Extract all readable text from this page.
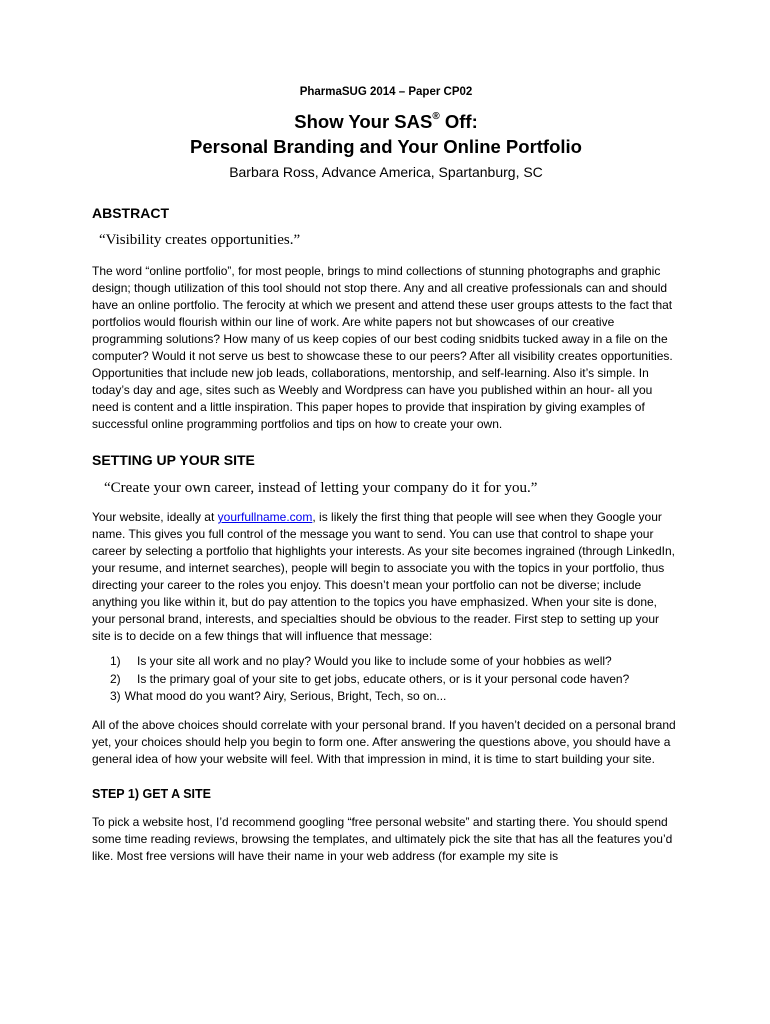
PharmaSUG 2014 – Paper CP02
Show Your SAS® Off:
Personal Branding and Your Online Portfolio
Barbara Ross, Advance America, Spartanburg, SC
ABSTRACT
“Visibility creates opportunities.”

The word “online portfolio”, for most people, brings to mind collections of stunning photographs and graphic design; though utilization of this tool should not stop there. Any and all creative professionals can and should have an online portfolio. The ferocity at which we present and attend these user groups attests to the fact that portfolios would flourish within our line of work. Are white papers not but showcases of our creative programming solutions? How many of us keep copies of our best coding snidbits tucked away in a file on the computer? Would it not serve us best to showcase these to our peers? After all visibility creates opportunities. Opportunities that include new job leads, collaborations, mentorship, and self-learning. Also it’s simple. In today’s day and age, sites such as Weebly and Wordpress can have you published within an hour- all you need is content and a little inspiration. This paper hopes to provide that inspiration by giving examples of successful online programming portfolios and tips on how to create your own.

SETTING UP YOUR SITE
“Create your own career, instead of letting your company do it for you.”

Your website, ideally at yourfullname.com, is likely the first thing that people will see when they Google your name. This gives you full control of the message you want to send. You can use that control to shape your career by selecting a portfolio that highlights your interests. As your site becomes ingrained (through LinkedIn, your resume, and internet searches), people will begin to associate you with the topics in your portfolio, thus directing your career to the roles you enjoy. This doesn’t mean your portfolio can not be diverse; include anything you like within it, but do pay attention to the topics you have emphasized. When your site is done, your personal brand, interests, and specialties should be obvious to the reader. First step to setting up your site is to decide on a few things that will influence that message:

1)	Is your site all work and no play? Would you like to include some of your hobbies as well?
2)	Is the primary goal of your site to get jobs, educate others, or is it your personal code haven?
3) What mood do you want? Airy, Serious, Bright, Tech, so on...

All of the above choices should correlate with your personal brand. If you haven’t decided on a personal brand yet, your choices should help you begin to form one. After answering the questions above, you should have a general idea of how your website will feel. With that impression in mind, it is time to start building your site.

STEP 1) GET A SITE

To pick a website host, I’d recommend googling “free personal website” and starting there. You should spend some time reading reviews, browsing the templates, and ultimately pick the site that has all the features you’d like. Most free versions will have their name in your web address (for example my site is
